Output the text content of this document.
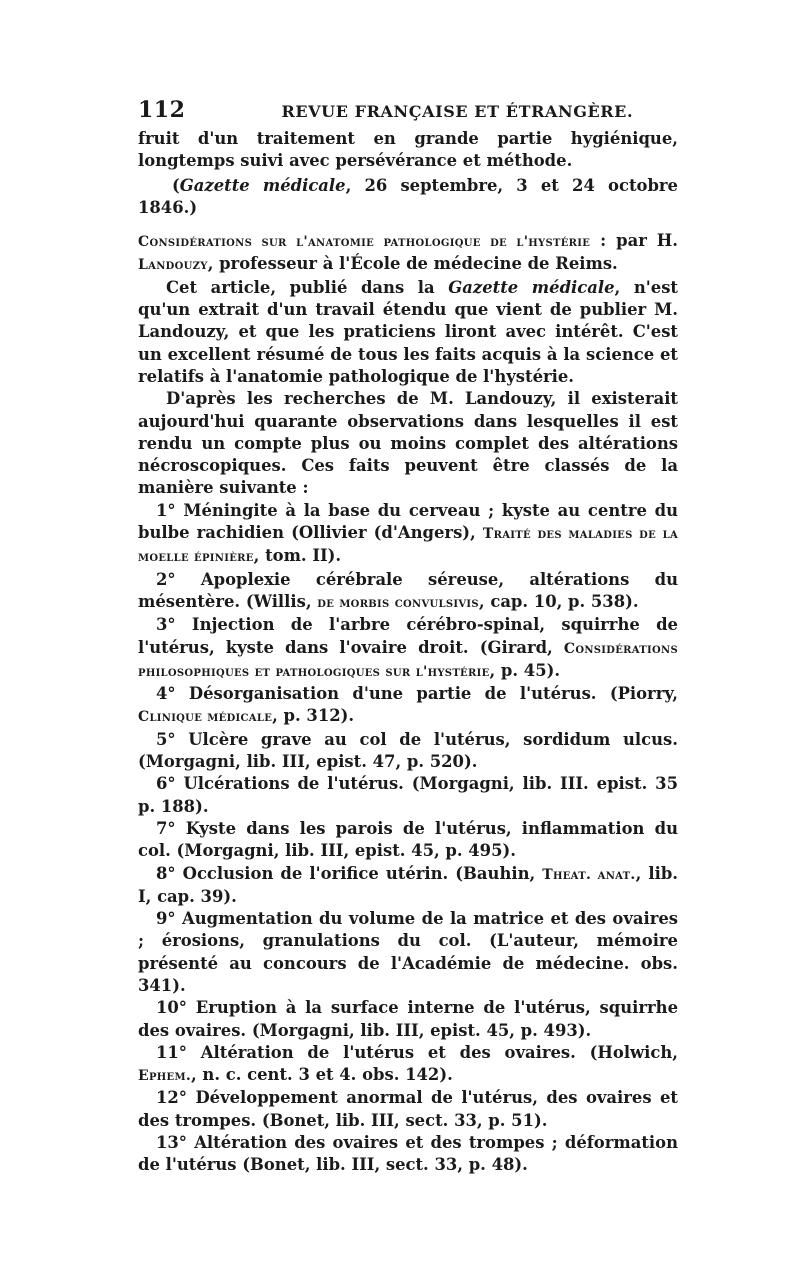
112	REVUE FRANÇAISE ET ÉTRANGÈRE.

fruit d'un traitement en grande partie hygiénique, longtemps suivi avec persévérance et méthode.

(Gazette médicale, 26 septembre, 3 et 24 octobre 1846.)

Considérations sur l'anatomie pathologique de l'hystérie : par H. Landouzy, professeur à l'École de médecine de Reims.

Cet article, publié dans la Gazette médicale, n'est qu'un extrait d'un travail étendu que vient de publier M. Landouzy, et que les praticiens liront avec intérêt. C'est un excellent résumé de tous les faits acquis à la science et relatifs à l'anatomie pathologique de l'hystérie.

D'après les recherches de M. Landouzy, il existerait aujourd'hui quarante observations dans lesquelles il est rendu un compte plus ou moins complet des altérations nécroscopiques. Ces faits peuvent être classés de la manière suivante :

1° Méningite à la base du cerveau ; kyste au centre du bulbe rachidien (Ollivier (d'Angers), Traité des maladies de la moelle épinière, tom. II).

2° Apoplexie cérébrale séreuse, altérations du mésentère. (Willis, de morbis convulsivis, cap. 10, p. 538).

3° Injection de l'arbre cérébro-spinal, squirrhe de l'utérus, kyste dans l'ovaire droit. (Girard, Considérations philosophiques et pathologiques sur l'hystérie, p. 45).

4° Désorganisation d'une partie de l'utérus. (Piorry, Clinique médicale, p. 312).

5° Ulcère grave au col de l'utérus, sordidum ulcus. (Morgagni, lib. III, epist. 47, p. 520).

6° Ulcérations de l'utérus. (Morgagni, lib. III. epist. 35 p. 188).

7° Kyste dans les parois de l'utérus, inflammation du col. (Morgagni, lib. III, epist. 45, p. 495).

8° Occlusion de l'orifice utérin. (Bauhin, Theat. anat., lib. I, cap. 39).

9° Augmentation du volume de la matrice et des ovaires ; érosions, granulations du col. (L'auteur, mémoire présenté au concours de l'Académie de médecine. obs. 341).

10° Eruption à la surface interne de l'utérus, squirrhe des ovaires. (Morgagni, lib. III, epist. 45, p. 493).

11° Altération de l'utérus et des ovaires. (Holwich, Ephem., n. c. cent. 3 et 4. obs. 142).

12° Développement anormal de l'utérus, des ovaires et des trompes. (Bonet, lib. III, sect. 33, p. 51).

13° Altération des ovaires et des trompes ; déformation de l'utérus (Bonet, lib. III, sect. 33, p. 48).
